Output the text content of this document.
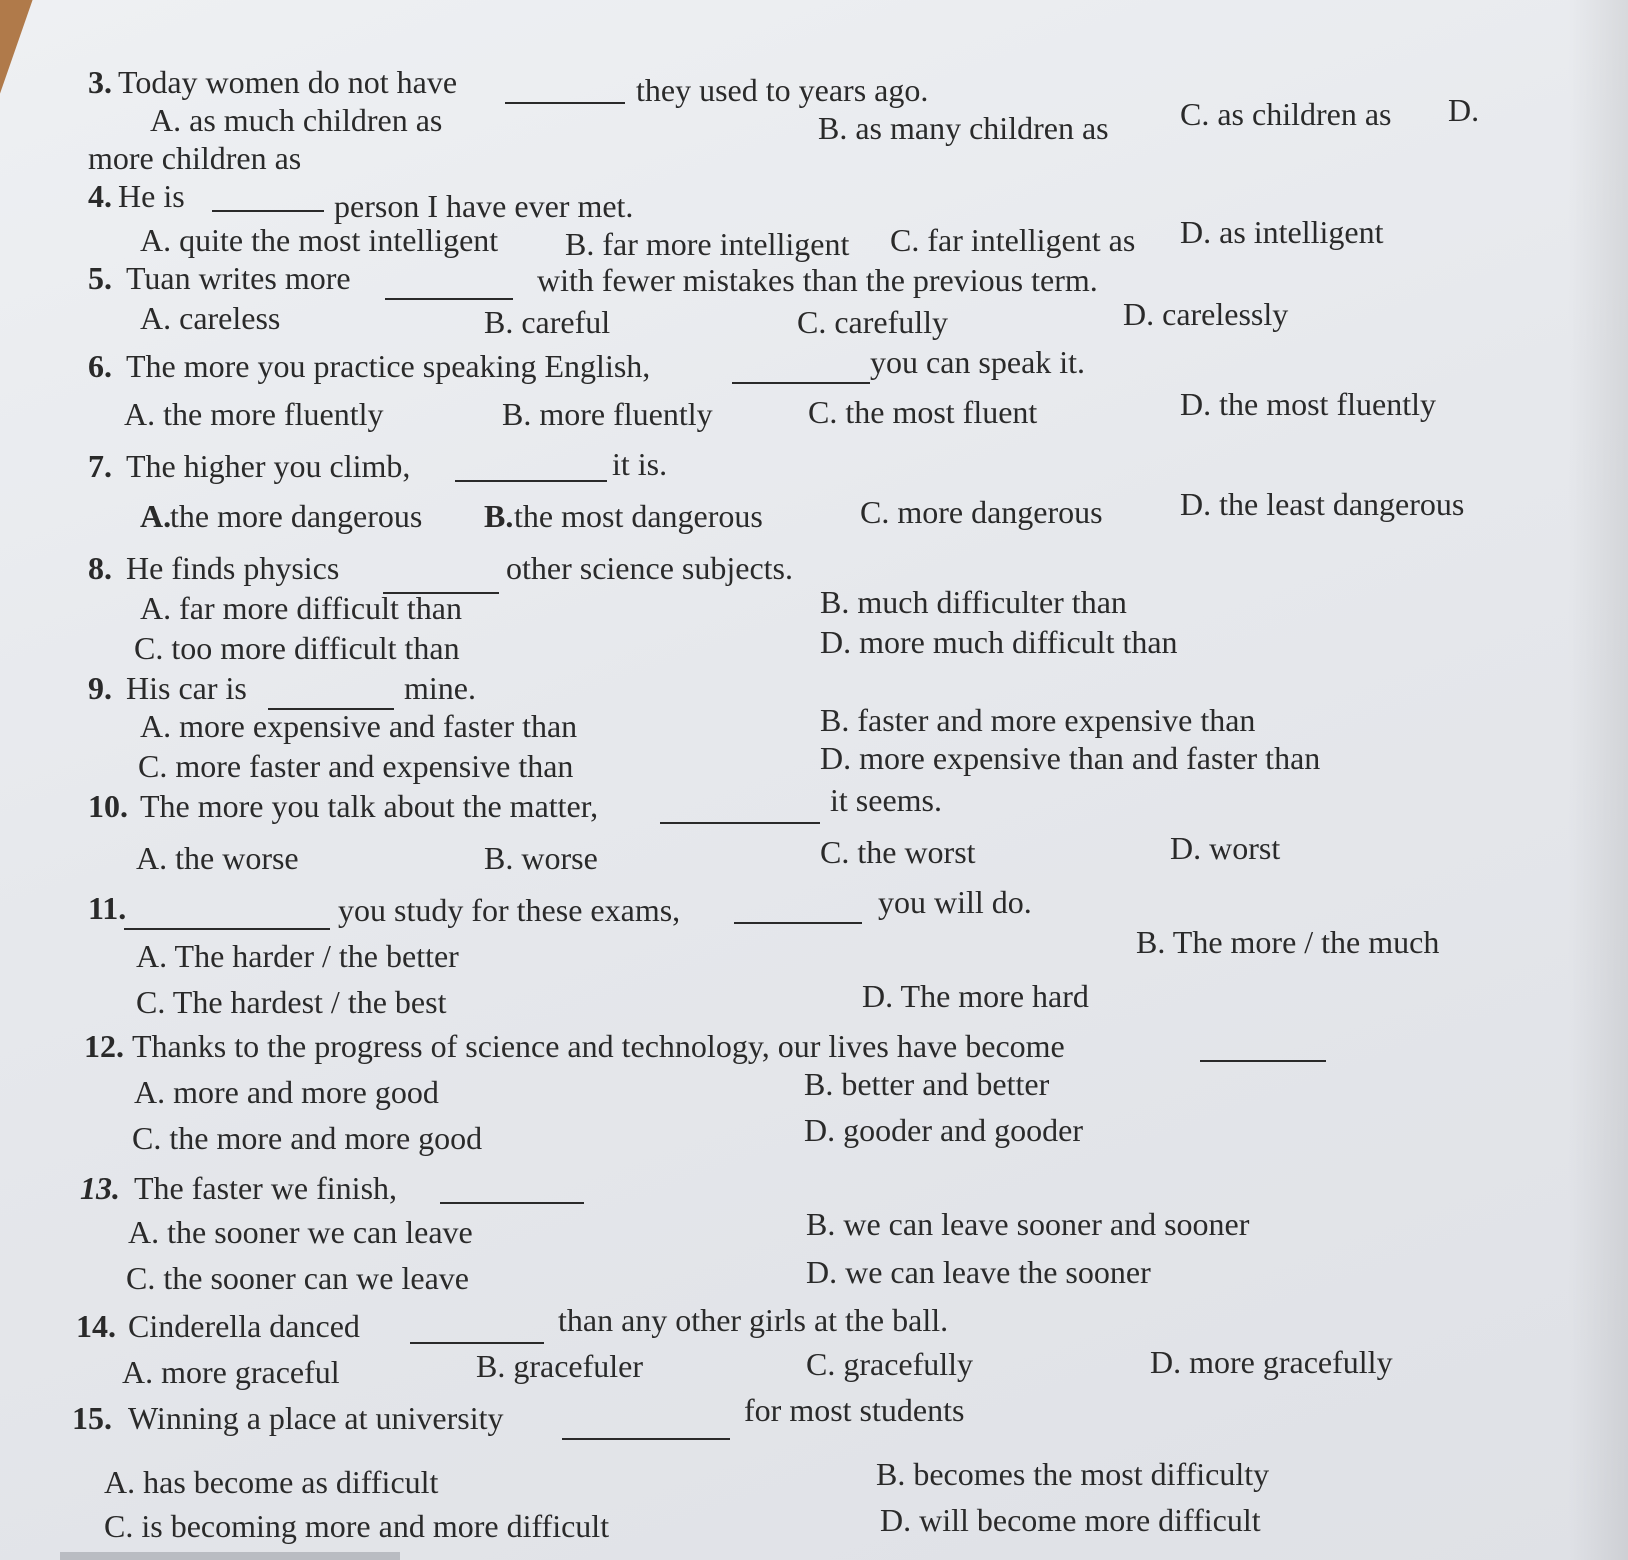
3. Today women do not have	they used to years ago.
A. as much children as	B. as many children as C. as children as D.
more children as
4. He is	person I have ever met.
A. quite the most intelligent B. far more intelligent C. far intelligent as D. as intelligent
5. Tuan writes more	with fewer mistakes than the previous term.
A. careless	B. careful	C. carefully	D. carelessly
6. The more you practice speaking English,	you can speak it.
A. the more fluently	B. more fluently	C. the most fluent	D. the most fluently
7. The higher you climb,	it is.
A.
the more dangerous B. the most dangerous	C. more dangerous D. the least dangerous
8. He finds physics	other science subjects.
A. far more difficult than	B. much difficulter than
C. too more difficult than	D. more much difficult than
9. His car is	mine.
A. more expensive and faster than	B. faster and more expensive than
C. more faster and expensive than	D. more expensive than and faster than
10. The more you talk about the matter,	it seems.
A. the worse	B. worse	C. the worst	D. worst
11.	you study for these exams,	you will do.
A. The harder / the better	B. The more / the much
C. The hardest / the best	D. The more hard
12. Thanks to the progress of science and technology, our lives have become
A. more and more good	B. better and better
C. the more and more good	D. gooder and gooder
13. The faster we finish,
A. the sooner we can leave	B. we can leave sooner and sooner
C. the sooner can we leave	D. we can leave the sooner
14. Cinderella danced	than any other girls at the ball.
A. more graceful	B. gracefuler	C. gracefully	D. more gracefully
15. Winning a place at university	for most students
A. has become as difficult	B. becomes the most difficulty
C. is becoming more and more difficult	D. will become more difficult
